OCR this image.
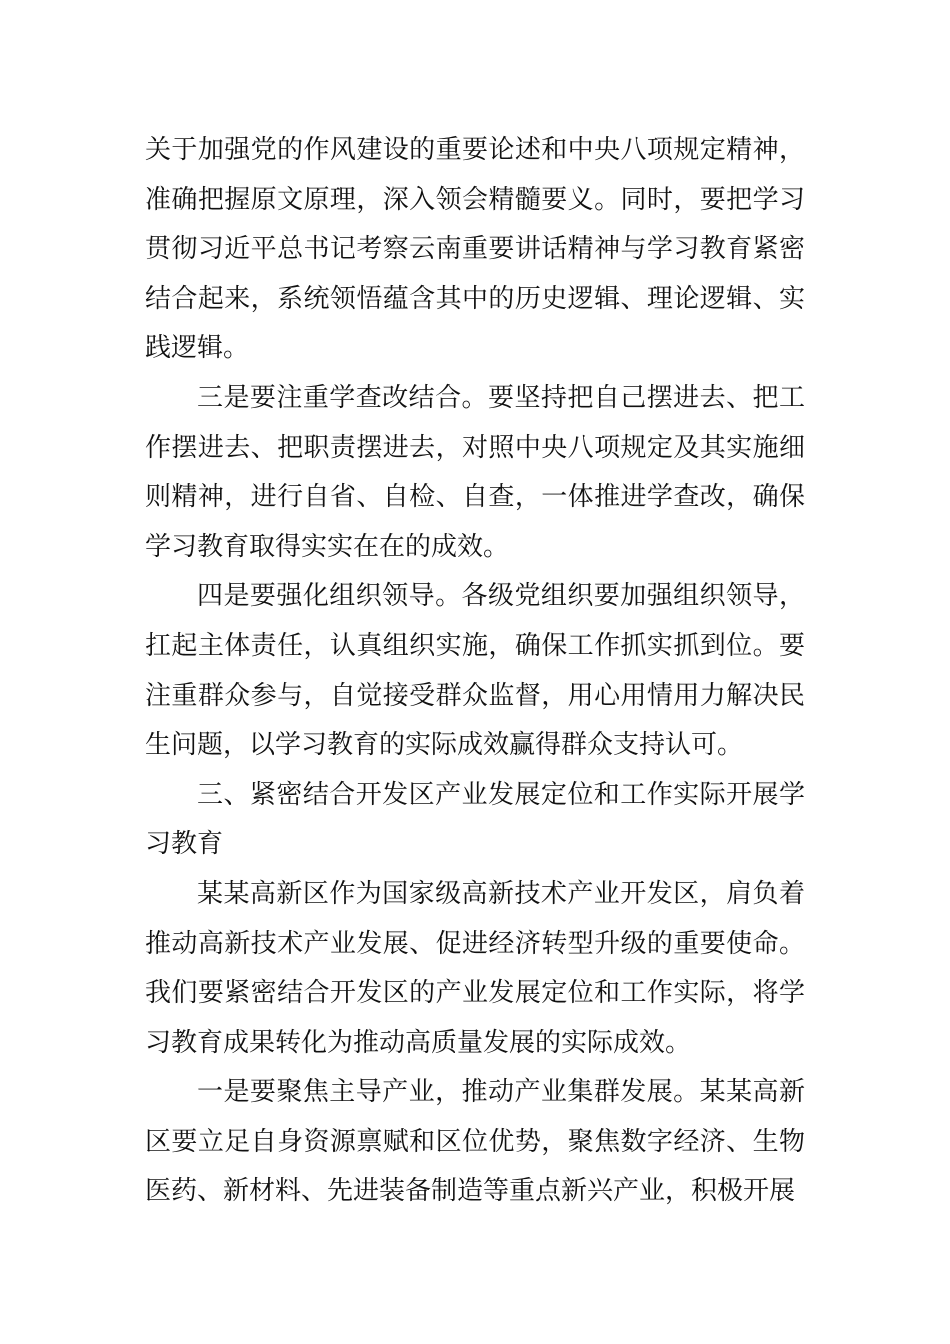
关于加强党的作风建设的重要论述和中央八项规定精神，准确把握原文原理，深入领会精髓要义。同时，要把学习贯彻习近平总书记考察云南重要讲话精神与学习教育紧密结合起来，系统领悟蕴含其中的历史逻辑、理论逻辑、实践逻辑。

三是要注重学查改结合。要坚持把自己摆进去、把工作摆进去、把职责摆进去，对照中央八项规定及其实施细则精神，进行自省、自检、自查，一体推进学查改，确保学习教育取得实实在在的成效。

四是要强化组织领导。各级党组织要加强组织领导，扛起主体责任，认真组织实施，确保工作抓实抓到位。要注重群众参与，自觉接受群众监督，用心用情用力解决民生问题，以学习教育的实际成效赢得群众支持认可。

三、紧密结合开发区产业发展定位和工作实际开展学习教育

某某高新区作为国家级高新技术产业开发区，肩负着推动高新技术产业发展、促进经济转型升级的重要使命。我们要紧密结合开发区的产业发展定位和工作实际，将学习教育成果转化为推动高质量发展的实际成效。

一是要聚焦主导产业，推动产业集群发展。某某高新区要立足自身资源禀赋和区位优势，聚焦数字经济、生物医药、新材料、先进装备制造等重点新兴产业，积极开展
